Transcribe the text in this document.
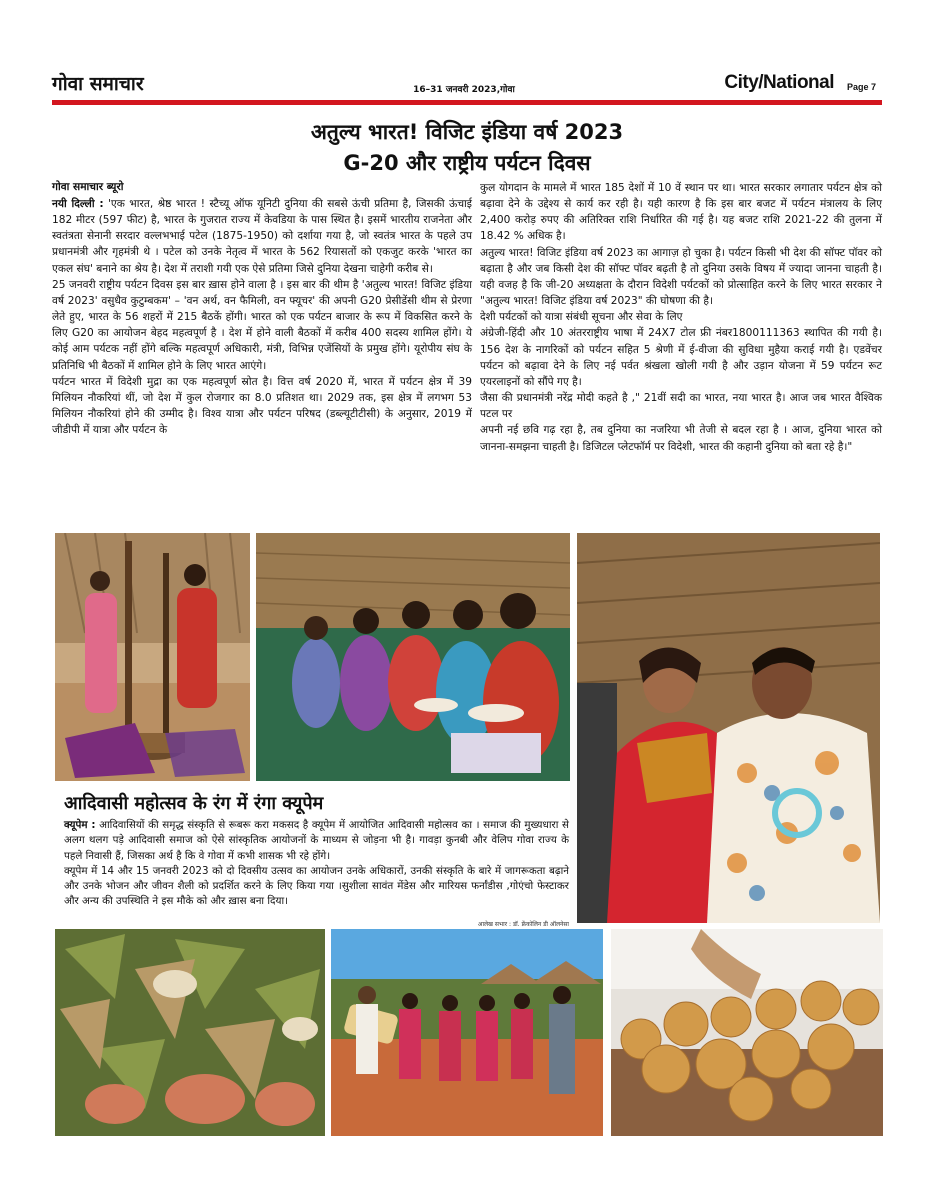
गोवा समाचार	16–31 जनवरी 2023,गोवा	City/National Page 7
अतुल्य भारत! विजिट इंडिया वर्ष 2023
G-20 और राष्ट्रीय पर्यटन दिवस
गोवा समाचार ब्यूरो

नयी दिल्ली : 'एक भारत, श्रेष्ठ भारत ! स्टैच्यू ऑफ यूनिटी दुनिया की सबसे ऊंची प्रतिमा है, जिसकी ऊंचाई 182 मीटर (597 फीट) है, भारत के गुजरात राज्य में केवडिया के पास स्थित है। इसमें भारतीय राजनेता और स्वतंत्रता सेनानी सरदार वल्लभभाई पटेल (1875-1950) को दर्शाया गया है, जो स्वतंत्र भारत के पहले उप प्रधानमंत्री और गृहमंत्री थे । पटेल को उनके नेतृत्व में भारत के 562 रियासतों को एकजुट करके 'भारत का एकल संघ' बनाने का श्रेय है। देश में तराशी गयी एक ऐसे प्रतिमा जिसे दुनिया देखना चाहेगी करीब से।

25 जनवरी राष्ट्रीय पर्यटन दिवस इस बार ख़ास होने वाला है । इस बार की थीम है 'अतुल्य भारत! विजिट इंडिया वर्ष 2023' वसुधैव कुटुम्बकम' – 'वन अर्थ, वन फैमिली, वन फ्यूचर' की अपनी G20 प्रेसीडेंसी थीम से प्रेरणा लेते हुए, भारत के 56 शहरों में 215 बैठकें होंगी। भारत को एक पर्यटन बाजार के रूप में विकसित करने के लिए G20 का आयोजन बेहद महत्वपूर्ण है । देश में होने वाली बैठकों में करीब 400 सदस्य शामिल होंगे। ये कोई आम पर्यटक नहीं होंगे बल्कि महत्वपूर्ण अधिकारी, मंत्री, विभिन्न एजेंसियों के प्रमुख होंगे। यूरोपीय संघ के प्रतिनिधि भी बैठकों में शामिल होने के लिए भारत आएंगे।

पर्यटन भारत में विदेशी मुद्रा का एक महत्वपूर्ण स्रोत है। वित्त वर्ष 2020 में, भारत में पर्यटन क्षेत्र में 39 मिलियन नौकरियां थीं, जो देश में कुल रोजगार का 8.0 प्रतिशत था। 2029 तक, इस क्षेत्र में लगभग 53 मिलियन नौकरियां होने की उम्मीद है। विश्व यात्रा और पर्यटन परिषद (डब्ल्यूटीटीसी) के अनुसार, 2019 में जीडीपी में यात्रा और पर्यटन के

कुल योगदान के मामले में भारत 185 देशों में 10 वें स्थान पर था। भारत सरकार लगातार पर्यटन क्षेत्र को बढ़ावा देने के उद्देश्य से कार्य कर रही है। यही कारण है कि इस बार बजट में पर्यटन मंत्रालय के लिए 2,400 करोड़ रुपए की अतिरिक्त राशि निर्धारित की गई है। यह बजट राशि 2021-22 की तुलना में 18.42 % अधिक है।

अतुल्य भारत! विजिट इंडिया वर्ष 2023 का आगाज़ हो चुका है। पर्यटन किसी भी देश की सॉफ्ट पॉवर को बढ़ाता है और जब किसी देश की सॉफ्ट पॉवर बढ़ती है तो दुनिया उसके विषय में ज्यादा जानना चाहती है। यही वजह है कि जी-20 अध्यक्षता के दौरान विदेशी पर्यटकों को प्रोत्साहित करने के लिए भारत सरकार ने "अतुल्य भारत! विजिट इंडिया वर्ष 2023" की घोषणा की है।

देशी पर्यटकों को यात्रा संबंधी सूचना और सेवा के लिए

अंग्रेजी-हिंदी और 10 अंतरराष्ट्रीय भाषा में 24X7 टोल फ्री नंबर1800111363 स्थापित की गयी है। 156 देश के नागरिकों को पर्यटन सहित 5 श्रेणी में ई-वीजा की सुविधा मुहैया कराई गयी है। एडवेंचर पर्यटन को बढ़ावा देने के लिए नई पर्वत श्रंखला खोली गयी है और उड़ान योजना में 59 पर्यटन रूट एयरलाइनों को सौंपे गए है।

जैसा की प्रधानमंत्री नरेंद्र मोदी कहते है ," 21वीं सदी का भारत, नया भारत है। आज जब भारत वैश्विक पटल पर

अपनी नई छवि गढ़ रहा है, तब दुनिया का नजरिया भी तेजी से बदल रहा है । आज, दुनिया भारत को जानना-समझना चाहती है। डिजिटल प्लेटफॉर्म पर विदेशी, भारत की कहानी दुनिया को बता रहे है।"

आदिवासी महोत्सव के रंग में रंगा क्यूपेम

क्यूपेम : आदिवासियों की समृद्ध संस्कृति से रूबरू करा मकसद है क्यूपेम में आयोजित आदिवासी महोत्सव का । समाज की मुख्यधारा से अलग थलग पड़े आदिवासी समाज को ऐसे सांस्कृतिक आयोजनों के माध्यम से जोड़ना भी है। गावड़ा कुनबी और वेलिप गोवा राज्य के पहले निवासी हैं, जिसका अर्थ है कि वे गोवा में कभी शासक भी रहे होंगे।

क्यूपेम में 14 और 15 जनवरी 2023 को दो दिवसीय उत्सव का आयोजन उनके अधिकारों, उनकी संस्कृति के बारे में जागरूकता बढ़ाने और उनके भोजन और जीवन शैली को प्रदर्शित करने के लिए किया गया ।सुशीला सावंत मेंडेस और मारियस फर्नांडीस ,गोएंचो फेस्टाकर और अन्य की उपस्थिति ने इस मौके को और ख़ास बना दिया।

आलेख सभार : डॉ. फ्रेंकोलिन डी ऑलनेसा
